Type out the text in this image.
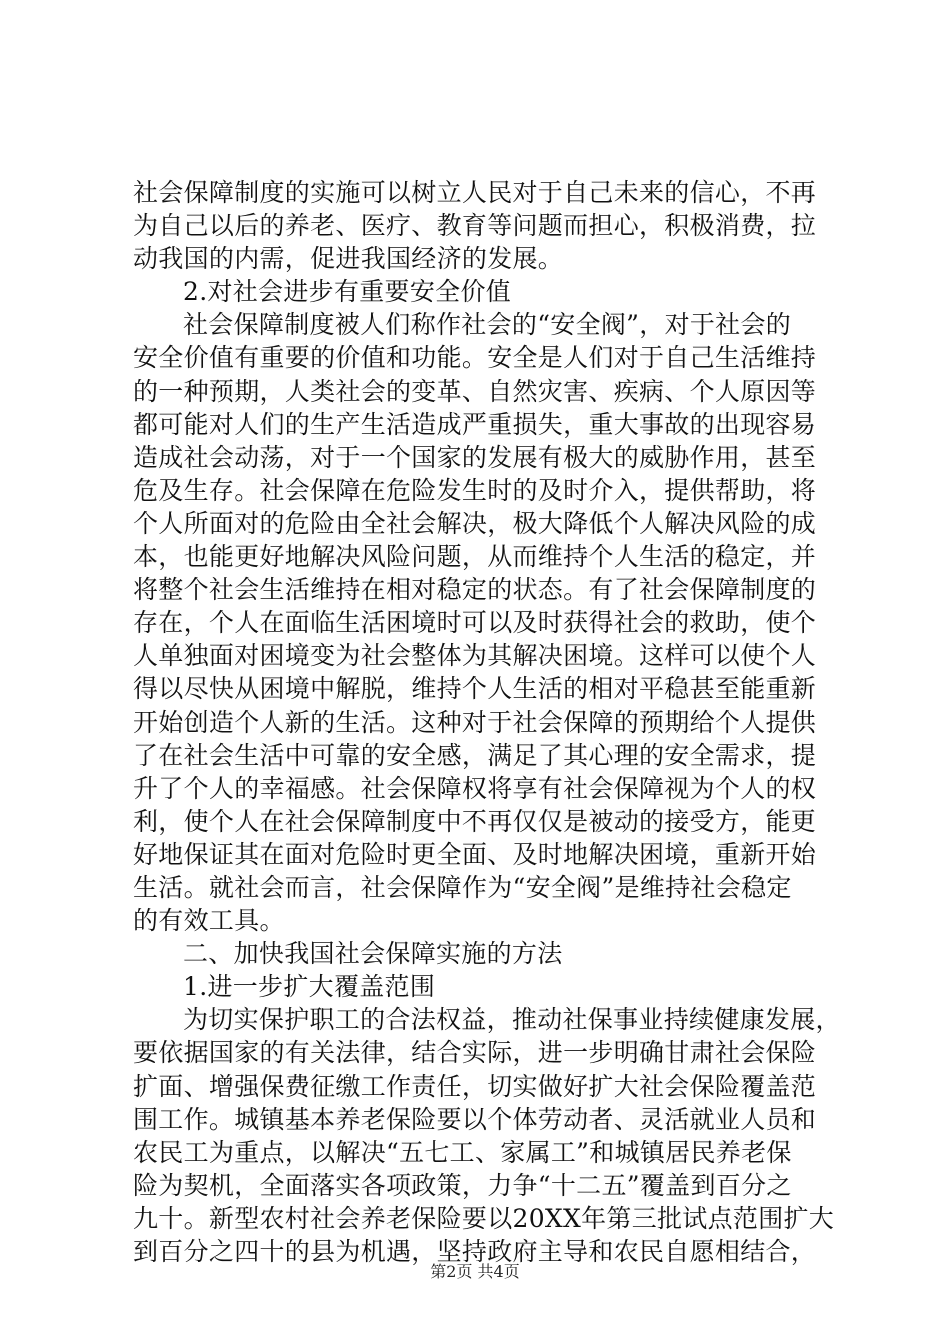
社会保障制度的实施可以树立人民对于自己未来的信心，不再
为自己以后的养老、医疗、教育等问题而担心，积极消费，拉
动我国的内需，促进我国经济的发展。
2.对社会进步有重要安全价值
社会保障制度被人们称作社会的“安全阀”，对于社会的
安全价值有重要的价值和功能。安全是人们对于自己生活维持
的一种预期，人类社会的变革、自然灾害、疾病、个人原因等
都可能对人们的生产生活造成严重损失，重大事故的出现容易
造成社会动荡，对于一个国家的发展有极大的威胁作用，甚至
危及生存。社会保障在危险发生时的及时介入，提供帮助，将
个人所面对的危险由全社会解决，极大降低个人解决风险的成
本，也能更好地解决风险问题，从而维持个人生活的稳定，并
将整个社会生活维持在相对稳定的状态。有了社会保障制度的
存在，个人在面临生活困境时可以及时获得社会的救助，使个
人单独面对困境变为社会整体为其解决困境。这样可以使个人
得以尽快从困境中解脱，维持个人生活的相对平稳甚至能重新
开始创造个人新的生活。这种对于社会保障的预期给个人提供
了在社会生活中可靠的安全感，满足了其心理的安全需求，提
升了个人的幸福感。社会保障权将享有社会保障视为个人的权
利，使个人在社会保障制度中不再仅仅是被动的接受方，能更
好地保证其在面对危险时更全面、及时地解决困境，重新开始
生活。就社会而言，社会保障作为“安全阀”是维持社会稳定
的有效工具。
二、加快我国社会保障实施的方法
1.进一步扩大覆盖范围
为切实保护职工的合法权益，推动社保事业持续健康发展，
要依据国家的有关法律，结合实际，进一步明确甘肃社会保险
扩面、增强保费征缴工作责任，切实做好扩大社会保险覆盖范
围工作。城镇基本养老保险要以个体劳动者、灵活就业人员和
农民工为重点，以解决“五七工、家属工”和城镇居民养老保
险为契机，全面落实各项政策，力争“十二五”覆盖到百分之
九十。新型农村社会养老保险要以20XX年第三批试点范围扩大
到百分之四十的县为机遇，坚持政府主导和农民自愿相结合，
第2页 共4页
